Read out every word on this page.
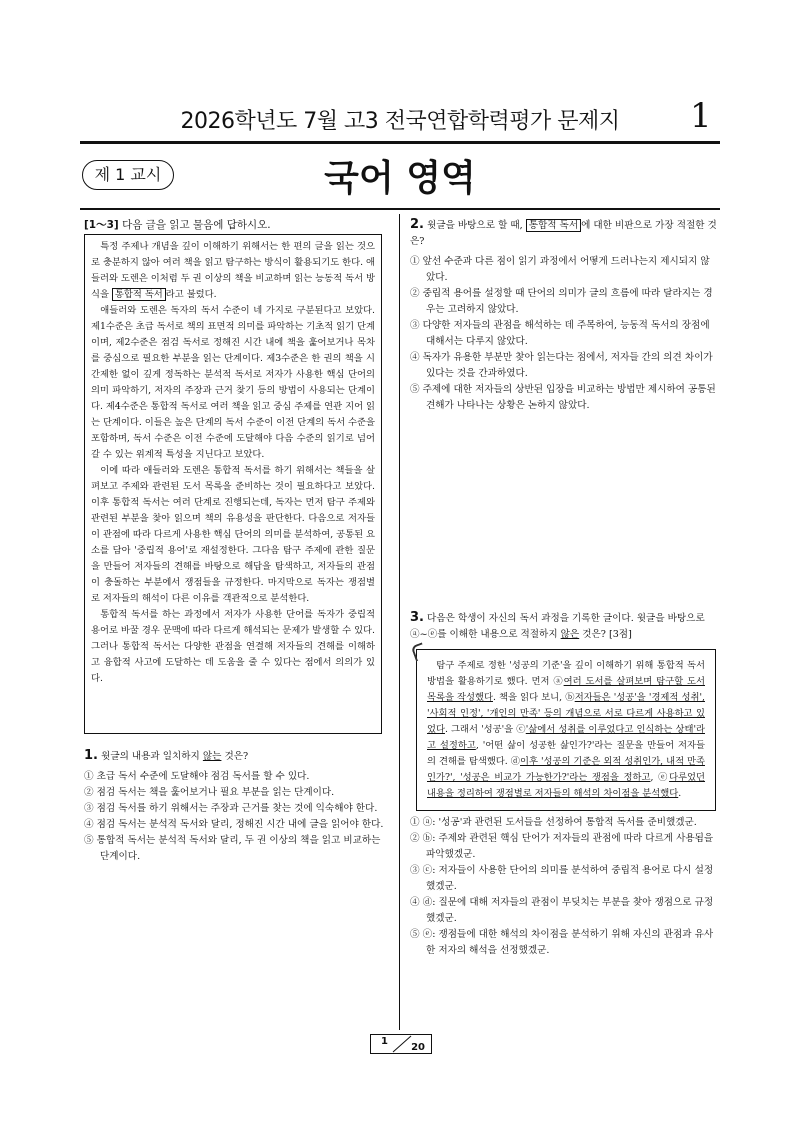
2026학년도 7월 고3 전국연합학력평가 문제지	1
제 1 교시	국어 영역
[1～3] 다음 글을 읽고 물음에 답하시오.

특정 주제나 개념을 깊이 이해하기 위해서는 한 편의 글을 읽는 것으로 충분하지 않아 여러 책을 읽고 탐구하는 방식이 활용되기도 한다. 애들러와 도렌은 이처럼 두 권 이상의 책을 비교하며 읽는 능동적 독서 방식을 통합적 독서 라고 불렀다.

애들러와 도렌은 독자의 독서 수준이 네 가지로 구분된다고 보았다. 제1수준은 초급 독서로 책의 표면적 의미를 파악하는 기초적 읽기 단계이며, 제2수준은 점검 독서로 정해진 시간 내에 책을 훑어보거나 목차를 중심으로 필요한 부분을 읽는 단계이다. 제3수준은 한 권의 책을 시간제한 없이 깊게 정독하는 분석적 독서로 저자가 사용한 핵심 단어의 의미 파악하기, 저자의 주장과 근거 찾기 등의 방법이 사용되는 단계이다. 제4수준은 통합적 독서로 여러 책을 읽고 중심 주제를 연관 지어 읽는 단계이다. 이들은 높은 단계의 독서 수준이 이전 단계의 독서 수준을 포함하며, 독서 수준은 이전 수준에 도달해야 다음 수준의 읽기로 넘어갈 수 있는 위계적 특성을 지닌다고 보았다.

이에 따라 애들러와 도렌은 통합적 독서를 하기 위해서는 책들을 살펴보고 주제와 관련된 도서 목록을 준비하는 것이 필요하다고 보았다. 이후 통합적 독서는 여러 단계로 진행되는데, 독자는 먼저 탐구 주제와 관련된 부분을 찾아 읽으며 책의 유용성을 판단한다. 다음으로 저자들이 관점에 따라 다르게 사용한 핵심 단어의 의미를 분석하여, 공통된 요소를 담아 '중립적 용어'로 재설정한다. 그다음 탐구 주제에 관한 질문을 만들어 저자들의 견해를 바탕으로 해답을 탐색하고, 저자들의 관점이 충돌하는 부분에서 쟁점들을 규정한다. 마지막으로 독자는 쟁점별로 저자들의 해석이 다른 이유를 객관적으로 분석한다.

통합적 독서를 하는 과정에서 저자가 사용한 단어를 독자가 중립적 용어로 바꿀 경우 문맥에 따라 다르게 해석되는 문제가 발생할 수 있다. 그러나 통합적 독서는 다양한 관점을 연결해 저자들의 견해를 이해하고 융합적 사고에 도달하는 데 도움을 줄 수 있다는 점에서 의의가 있다.

1. 윗글의 내용과 일치하지 않는 것은?

① 초급 독서 수준에 도달해야 점검 독서를 할 수 있다.
② 점검 독서는 책을 훑어보거나 필요 부분을 읽는 단계이다.
③ 점검 독서를 하기 위해서는 주장과 근거를 찾는 것에 익숙해야 한다.
④ 점검 독서는 분석적 독서와 달리, 정해진 시간 내에 글을 읽어야 한다.
⑤ 통합적 독서는 분석적 독서와 달리, 두 권 이상의 책을 읽고 비교하는 단계이다.

2. 윗글을 바탕으로 할 때, 통합적 독서 에 대한 비판으로 가장 적절한 것은?

① 앞선 수준과 다른 점이 읽기 과정에서 어떻게 드러나는지 제시되지 않았다.
② 중립적 용어를 설정할 때 단어의 의미가 글의 흐름에 따라 달라지는 경우는 고려하지 않았다.
③ 다양한 저자들의 관점을 해석하는 데 주목하여, 능동적 독서의 장점에 대해서는 다루지 않았다.
④ 독자가 유용한 부분만 찾아 읽는다는 점에서, 저자들 간의 의견 차이가 있다는 것을 간과하였다.
⑤ 주제에 대한 저자들의 상반된 입장을 비교하는 방법만 제시하여 공통된 견해가 나타나는 상황은 논하지 않았다.

3. 다음은 학생이 자신의 독서 과정을 기록한 글이다. 윗글을 바탕으로 ⓐ~ⓔ를 이해한 내용으로 적절하지 않은 것은? [3점]

탐구 주제로 정한 '성공의 기준'을 깊이 이해하기 위해 통합적 독서 방법을 활용하기로 했다. 먼저 ⓐ여러 도서를 살펴보며 탐구할 도서 목록을 작성했다. 책을 읽다 보니, ⓑ저자들은 '성공'을 '경제적 성취', '사회적 인정', '개인의 만족' 등의 개념으로 서로 다르게 사용하고 있었다. 그래서 '성공'을 ⓒ'삶에서 성취를 이루었다고 인식하는 상태'라고 설정하고, '어떤 삶이 성공한 삶인가?'라는 질문을 만들어 저자들의 견해를 탐색했다. ⓓ이후 '성공의 기준은 외적 성취인가, 내적 만족인가?', '성공은 비교가 가능한가?'라는 쟁점을 정하고, ⓔ다루었던 내용을 정리하여 쟁점별로 저자들의 해석의 차이점을 분석했다.

① ⓐ: '성공'과 관련된 도서들을 선정하여 통합적 독서를 준비했겠군.
② ⓑ: 주제와 관련된 핵심 단어가 저자들의 관점에 따라 다르게 사용됨을 파악했겠군.
③ ⓒ: 저자들이 사용한 단어의 의미를 분석하여 중립적 용어로 다시 설정했겠군.
④ ⓓ: 질문에 대해 저자들의 관점이 부딪치는 부분을 찾아 쟁점으로 규정했겠군.
⑤ ⓔ: 쟁점들에 대한 해석의 차이점을 분석하기 위해 자신의 관점과 유사한 저자의 해석을 선정했겠군.
1
20
